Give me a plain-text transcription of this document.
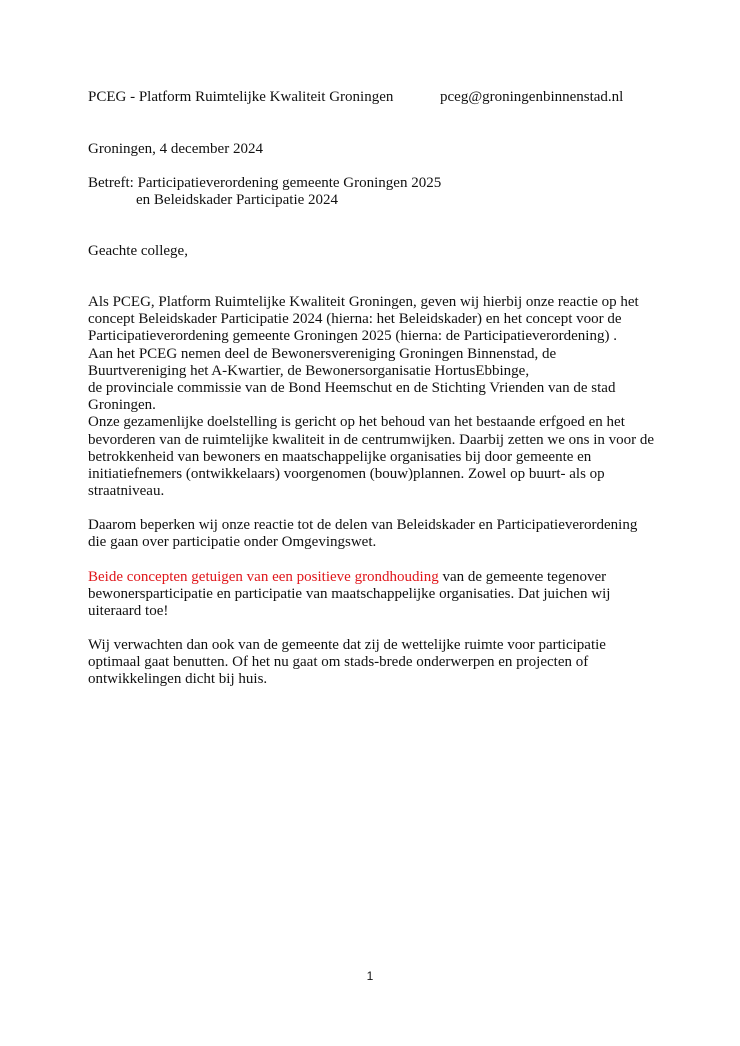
PCEG - Platform Ruimtelijke Kwaliteit Groningen	pceg@groningenbinnenstad.nl
Groningen, 4 december 2024
Betreft: Participatieverordening gemeente Groningen 2025
en Beleidskader Participatie 2024
Geachte college,
Als PCEG, Platform Ruimtelijke Kwaliteit Groningen, geven wij hierbij onze reactie op het
concept Beleidskader Participatie 2024 (hierna: het Beleidskader) en het concept voor de
Participatieverordening gemeente Groningen 2025 (hierna: de Participatieverordening) .
Aan het PCEG nemen deel de Bewonersvereniging Groningen Binnenstad, de
Buurtvereniging het A-Kwartier, de Bewonersorganisatie HortusEbbinge,
de provinciale commissie van de Bond Heemschut en de Stichting Vrienden van de stad
Groningen.
Onze gezamenlijke doelstelling is gericht op het behoud van het bestaande erfgoed en het
bevorderen van de ruimtelijke kwaliteit in de centrumwijken. Daarbij zetten we ons in voor de
betrokkenheid van bewoners en maatschappelijke organisaties bij door gemeente en
initiatiefnemers (ontwikkelaars) voorgenomen (bouw)plannen. Zowel op buurt- als op
straatniveau.
Daarom beperken wij onze reactie tot de delen van Beleidskader en Participatieverordening
die gaan over participatie onder Omgevingswet.
Beide concepten getuigen van een positieve grondhouding van de gemeente tegenover
bewonersparticipatie en participatie van maatschappelijke organisaties. Dat juichen wij
uiteraard toe!
Wij verwachten dan ook van de gemeente dat zij de wettelijke ruimte voor participatie
optimaal gaat benutten. Of het nu gaat om stads-brede onderwerpen en projecten of
ontwikkelingen dicht bij huis.
1
